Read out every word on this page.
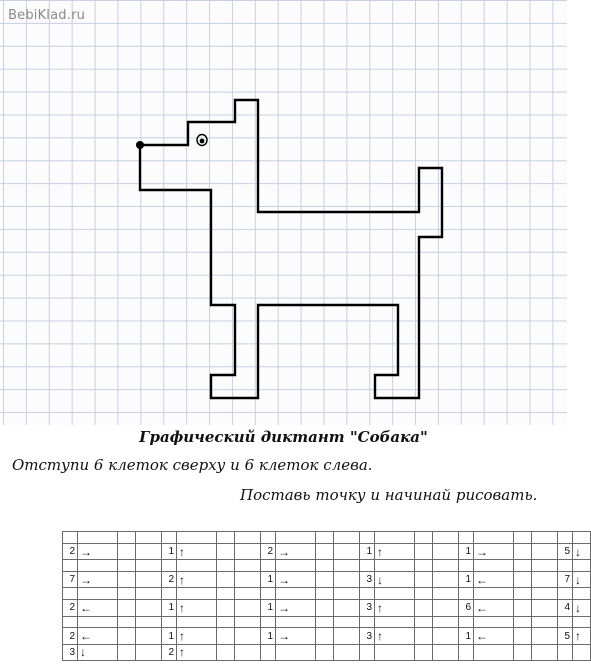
BebiKlad.ru
Графический диктант "Собака"
Отступи 6 клеток сверху и 6 клеток слева.
Поставь точку и начинай рисовать.

2	→			1	↑			2	→			1	↑			1	→			5	↓

7	→			2	↑			1	→			3	↓			1	←			7	↓

2	←			1	↑			1	→			3	↑			6	←			4	↓

2	←			1	↑			1	→			3	↑			1	←			5	↑
3	↓			2	↑																
